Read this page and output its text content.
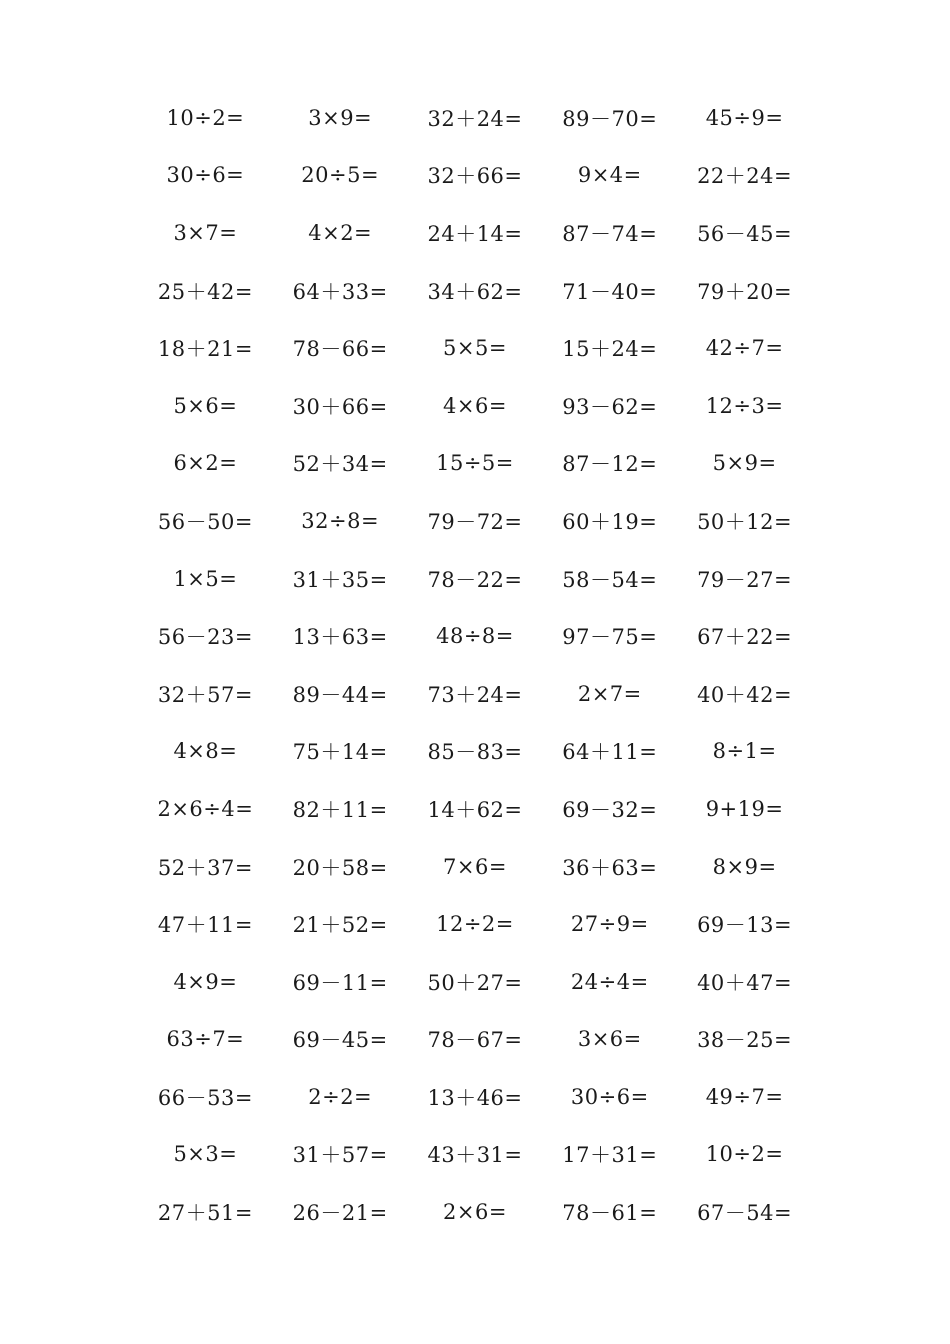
10÷2=	3×9=	32＋24=	89－70=	45÷9=
30÷6=	20÷5=	32＋66=	9×4=	22＋24=
3×7=	4×2=	24＋14=	87－74=	56－45=
25＋42=	64＋33=	34＋62=	71－40=	79＋20=
18＋21=	78－66=	5×5=	15＋24=	42÷7=
5×6=	30＋66=	4×6=	93－62=	12÷3=
6×2=	52＋34=	15÷5=	87－12=	5×9=
56－50=	32÷8=	79－72=	60＋19=	50＋12=
1×5=	31＋35=	78－22=	58－54=	79－27=
56－23=	13＋63=	48÷8=	97－75=	67＋22=
32＋57=	89－44=	73＋24=	2×7=	40＋42=
4×8=	75＋14=	85－83=	64＋11=	8÷1=
2×6÷4=	82＋11=	14＋62=	69－32=	9+19=
52＋37=	20＋58=	7×6=	36＋63=	8×9=
47＋11=	21＋52=	12÷2=	27÷9=	69－13=
4×9=	69－11=	50＋27=	24÷4=	40＋47=
63÷7=	69－45=	78－67=	3×6=	38－25=
66－53=	2÷2=	13＋46=	30÷6=	49÷7=
5×3=	31＋57=	43＋31=	17＋31=	10÷2=
27＋51=	26－21=	2×6=	78－61=	67－54=
